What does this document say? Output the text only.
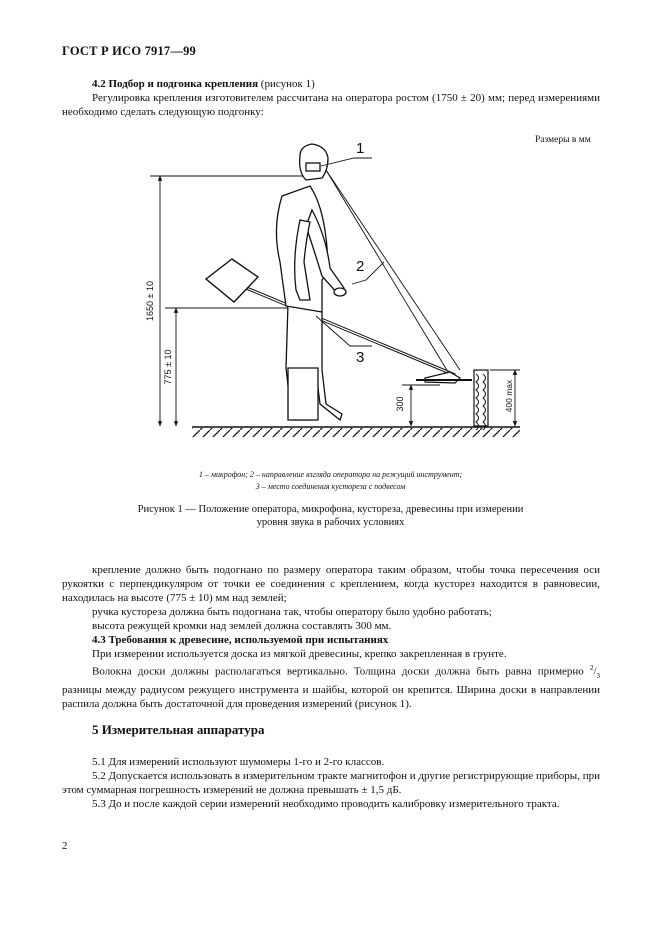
ГОСТ Р ИСО 7917—99
4.2 Подбор и подгонка крепления (рисунок 1)
Регулировка крепления изготовителем рассчитана на оператора ростом (1750 ± 20) мм; перед измерениями необходимо сделать следующую подгонку:
Размеры в мм
1
2
3
1650 ± 10
775 ± 10
300	400 max
1 – микрофон; 2 – направление взгляда оператора на режущий инструмент;
3 – место соединения кустореза с подвесом
Рисунок 1 — Положение оператора, микрофона, кустореза, древесины при измерении
уровня звука в рабочих условиях
крепление должно быть подогнано по размеру оператора таким образом, чтобы точка пересечения оси рукоятки с перпендикуляром от точки ее соединения с креплением, когда кусторез находится в равновесии, находилась на высоте (775 ± 10) мм над землей;
ручка кустореза должна быть подогнана так, чтобы оператору было удобно работать;
высота режущей кромки над землей должна составлять 300 мм.
4.3 Требования к древесине, используемой при испытаниях
При измерении используется доска из мягкой древесины, крепко закрепленная в грунте.
Волокна доски должны располагаться вертикально. Толщина доски должна быть равна примерно $^2/_3$ разницы между радиусом режущего инструмента и шайбы, которой он крепится. Ширина доски в направлении распила должна быть достаточной для проведения измерений (рисунок 1).
5 Измерительная аппаратура
5.1 Для измерений используют шумомеры 1-го и 2-го классов.
5.2 Допускается использовать в измерительном тракте магнитофон и другие регистрирующие приборы, при этом суммарная погрешность измерений не должна превышать ± 1,5 дБ.
5.3 До и после каждой серии измерений необходимо проводить калибровку измерительного тракта.
2
